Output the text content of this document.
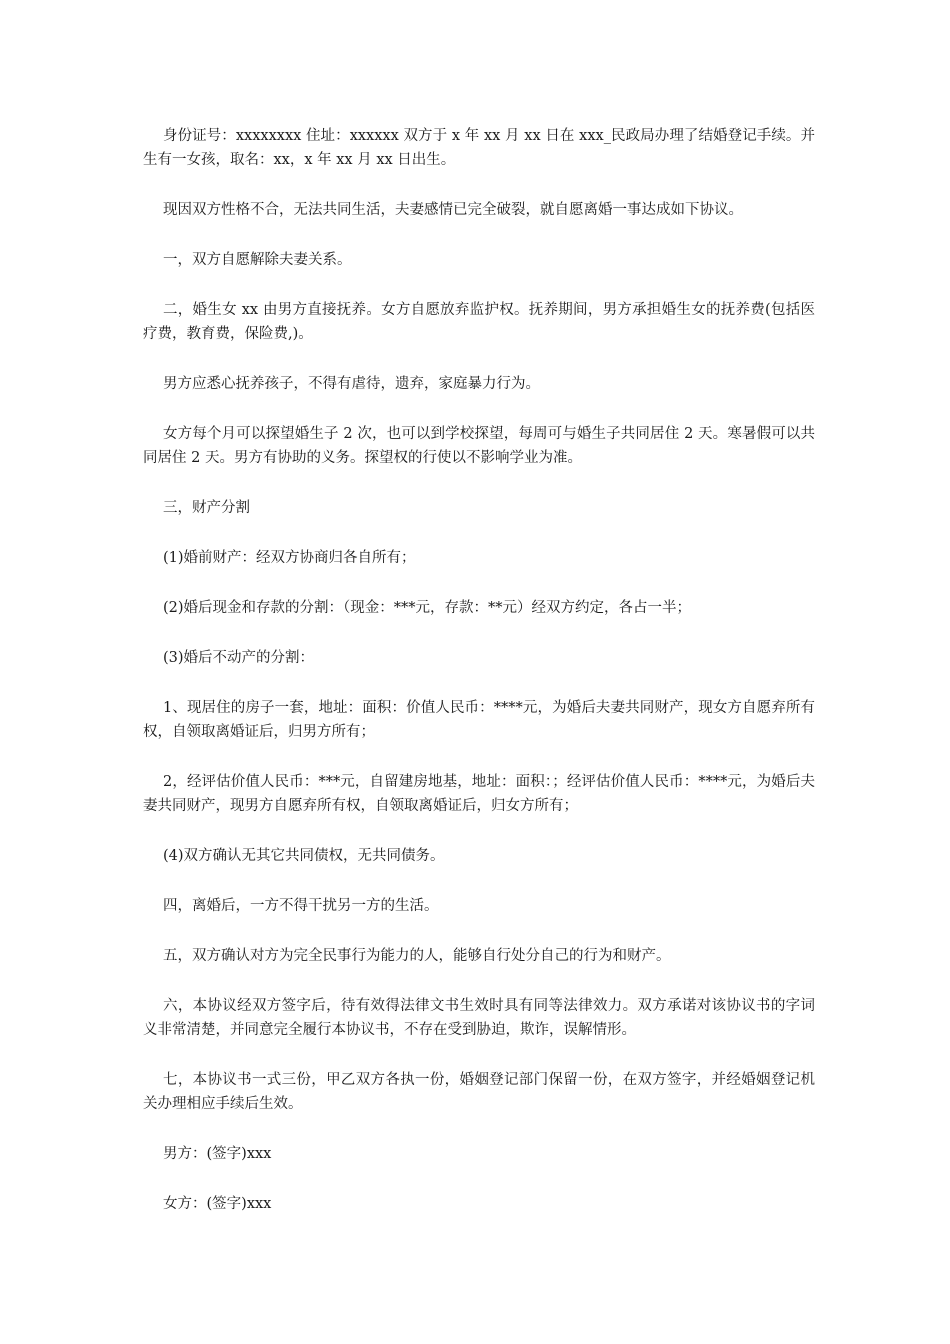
身份证号：xxxxxxxx 住址：xxxxxx 双方于 x 年 xx 月 xx 日在 xxx_民政局办理了结婚登记手续。并生有一女孩，取名：xx，x 年 xx 月 xx 日出生。

现因双方性格不合，无法共同生活，夫妻感情已完全破裂，就自愿离婚一事达成如下协议。

一，双方自愿解除夫妻关系。

二，婚生女 xx 由男方直接抚养。女方自愿放弃监护权。抚养期间，男方承担婚生女的抚养费(包括医疗费，教育费，保险费,)。

男方应悉心抚养孩子，不得有虐待，遗弃，家庭暴力行为。

女方每个月可以探望婚生子 2 次，也可以到学校探望，每周可与婚生子共同居住 2 天。寒暑假可以共同居住 2 天。男方有协助的义务。探望权的行使以不影响学业为准。

三，财产分割

(1)婚前财产：经双方协商归各自所有；

(2)婚后现金和存款的分割：（现金：***元，存款：**元）经双方约定，各占一半；

(3)婚后不动产的分割：

1、现居住的房子一套，地址：面积：价值人民币：****元，为婚后夫妻共同财产，现女方自愿弃所有权，自领取离婚证后，归男方所有；

2，经评估价值人民币：***元，自留建房地基，地址：面积：；经评估价值人民币：****元，为婚后夫妻共同财产，现男方自愿弃所有权，自领取离婚证后，归女方所有；

(4)双方确认无其它共同债权，无共同债务。

四，离婚后，一方不得干扰另一方的生活。

五，双方确认对方为完全民事行为能力的人，能够自行处分自己的行为和财产。

六，本协议经双方签字后，待有效得法律文书生效时具有同等法律效力。双方承诺对该协议书的字词义非常清楚，并同意完全履行本协议书，不存在受到胁迫，欺诈，误解情形。

七，本协议书一式三份，甲乙双方各执一份，婚姻登记部门保留一份，在双方签字，并经婚姻登记机关办理相应手续后生效。

男方：(签字)xxx

女方：(签字)xxx
